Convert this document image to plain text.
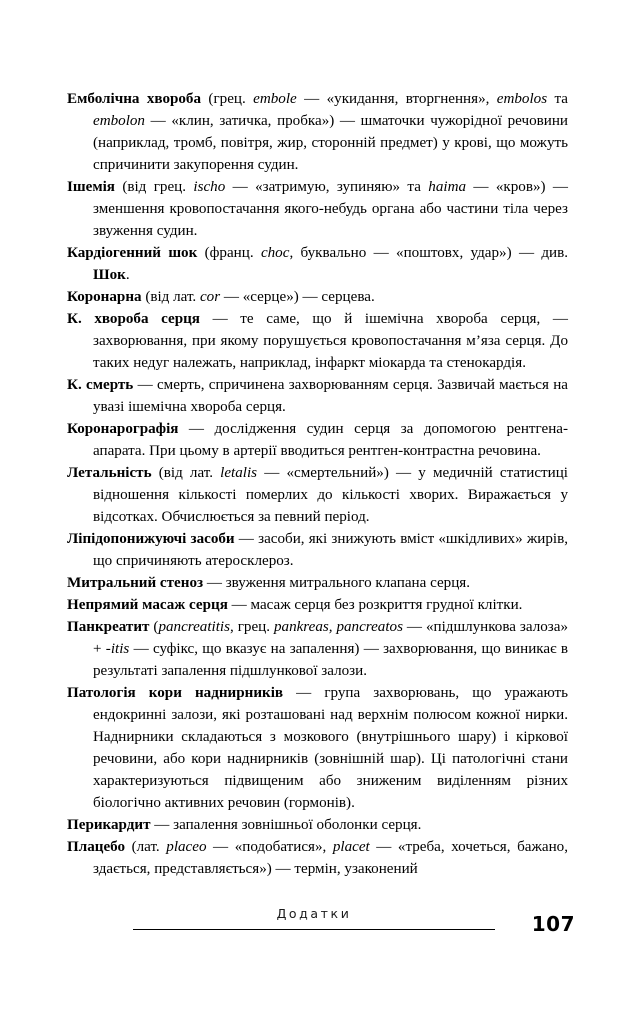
Емболічна хвороба (грец. embole — «укидання, вторгнення», embolos та embolon — «клин, затичка, пробка») — шматочки чужорідної речовини (наприклад, тромб, повітря, жир, сторонній предмет) у крові, що можуть спричинити закупорення судин.

Ішемія (від грец. ischo — «затримую, зупиняю» та haima — «кров») — зменшення кровопостачання якого-небудь органа або частини тіла через звуження судин.

Кардіогенний шок (франц. choc, буквально — «поштовх, удар») — див. Шок.

Коронарна (від лат. cor — «серце») — серцева.

К. хвороба серця — те саме, що й ішемічна хвороба серця, — захворювання, при якому порушується кровопостачання м’яза серця. До таких недуг належать, наприклад, інфаркт міокарда та стенокардія.

К. смерть — смерть, спричинена захворюванням серця. Зазвичай мається на увазі ішемічна хвороба серця.

Коронарографія — дослідження судин серця за допомогою рентгена-апарата. При цьому в артерії вводиться рентген-контрастна речовина.

Летальність (від лат. letalis — «смертельний») — у медичній статистиці відношення кількості померлих до кількості хворих. Виражається у відсотках. Обчислюється за певний період.

Ліпідопонижуючі засоби — засоби, які знижують вміст «шкідливих» жирів, що спричиняють атеросклероз.

Митральний стеноз — звуження митрального клапана серця.

Непрямий масаж серця — масаж серця без розкриття грудної клітки.

Панкреатит (pancreatitis, грец. pankreas, pancreatos — «підшлункова залоза» + -itis — суфікс, що вказує на запалення) — захворювання, що виникає в результаті запалення підшлункової залози.

Патологія кори наднирників — група захворювань, що уражають ендокринні залози, які розташовані над верхнім полюсом кожної нирки. Наднирники складаються з мозкового (внутрішнього шару) і кіркової речовини, або кори наднирників (зовнішній шар). Ці патологічні стани характеризуються підвищеним або зниженим виділенням різних біологічно активних речовин (гормонів).

Перикардит — запалення зовнішньої оболонки серця.

Плацебо (лат. placeo — «подобатися», placet — «треба, хочеться, бажано, здається, представляється») — термін, узаконений

Додатки	107
